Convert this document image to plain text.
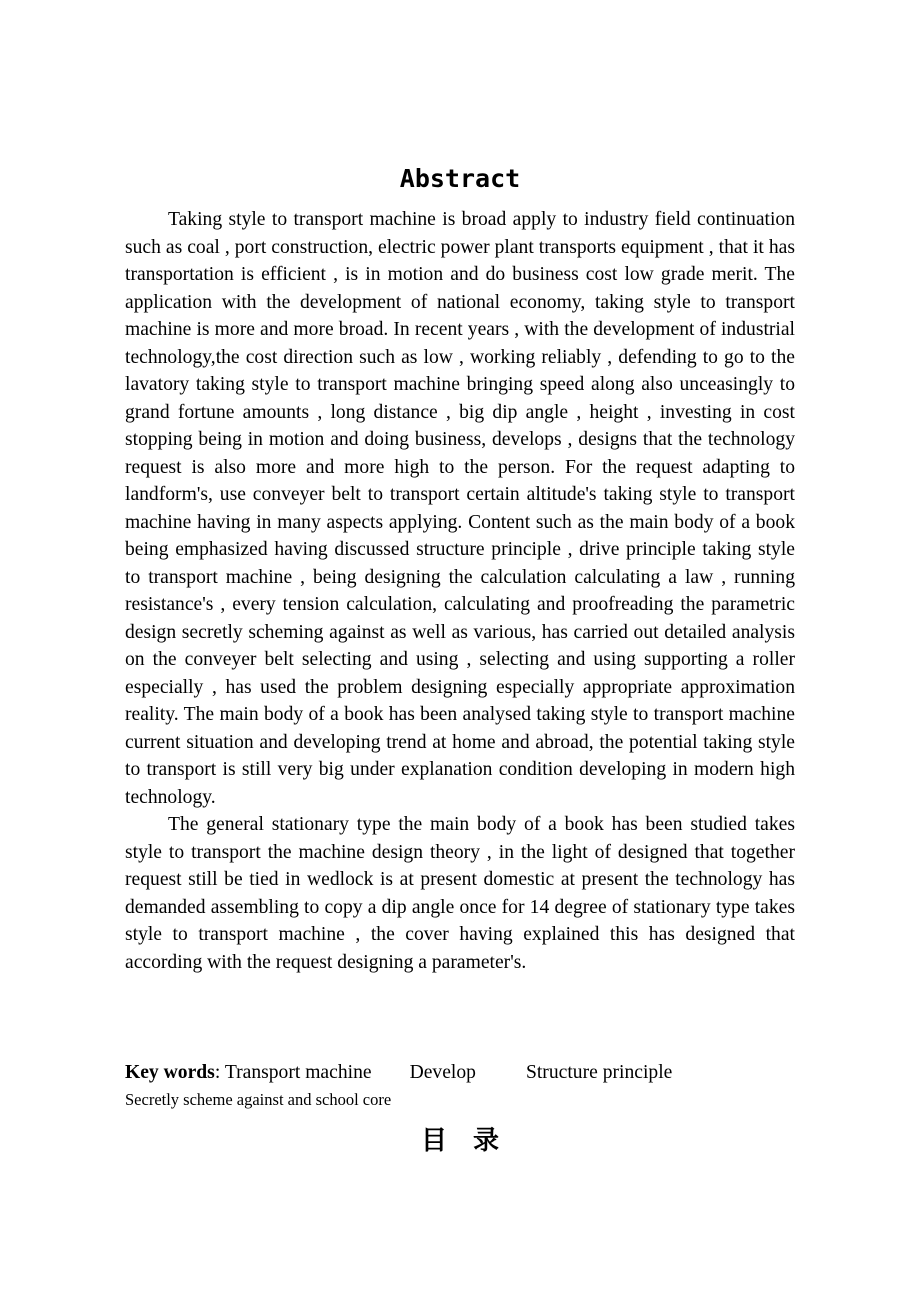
Abstract

Taking style to transport machine is broad apply to industry field continuation such as coal , port construction, electric power plant transports equipment , that it has transportation is efficient , is in motion and do business cost low grade merit. The application with the development of national economy, taking style to transport machine is more and more broad. In recent years , with the development of industrial technology,the cost direction such as low , working reliably , defending to go to the lavatory taking style to transport machine bringing speed along also unceasingly to grand fortune amounts , long distance , big dip angle , height , investing in cost stopping being in motion and doing business, develops , designs that the technology request is also more and more high to the person. For the request adapting to landform's, use conveyer belt to transport certain altitude's taking style to transport machine having in many aspects applying. Content such as the main body of a book being emphasized having discussed structure principle , drive principle taking style to transport machine , being designing the calculation calculating a law , running resistance's , every tension calculation, calculating and proofreading the parametric design secretly scheming against as well as various, has carried out detailed analysis on the conveyer belt selecting and using , selecting and using supporting a roller especially , has used the problem designing especially appropriate approximation reality. The main body of a book has been analysed taking style to transport machine current situation and developing trend at home and abroad, the potential taking style to transport is still very big under explanation condition developing in modern high technology.

The general stationary type the main body of a book has been studied takes style to transport the machine design theory , in the light of designed that together request still be tied in wedlock is at present domestic at present the technology has demanded assembling to copy a dip angle once for 14 degree of stationary type takes style to transport machine , the cover having explained this has designed that according with the request designing a parameter's.

Key words: Transport machine Develop	Structure principle
Secretly scheme against and school core
目录
